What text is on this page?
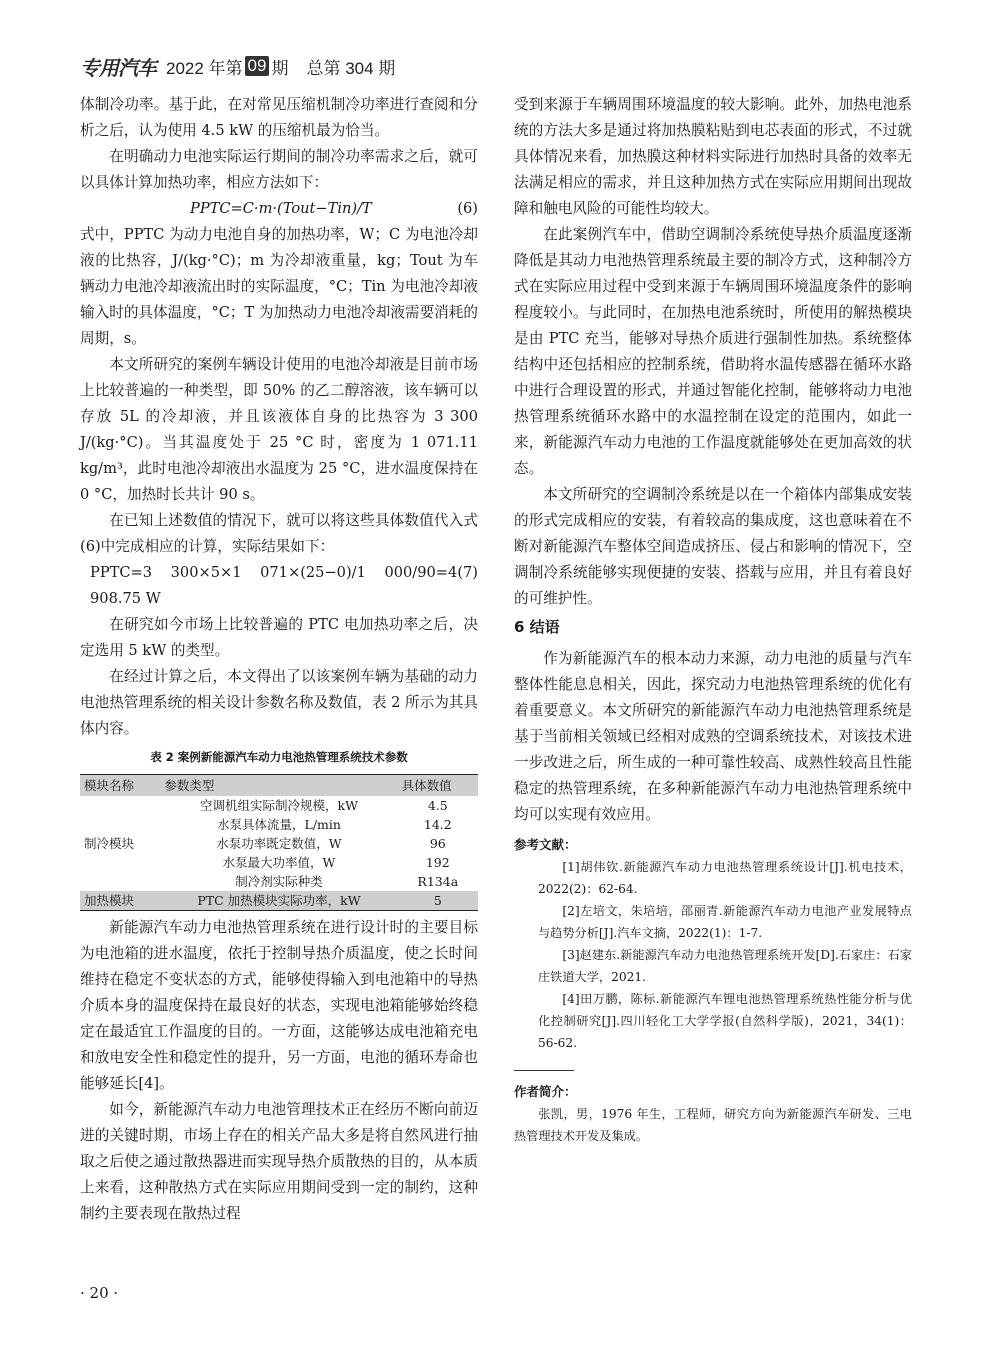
专用汽车 2022 年第 09 期 总第 304 期

体制冷功率。基于此，在对常见压缩机制冷功率进行查阅和分析之后，认为使用 4.5 kW 的压缩机最为恰当。

在明确动力电池实际运行期间的制冷功率需求之后，就可以具体计算加热功率，相应方法如下：

PPTC=C·m·(Tout−Tin)/T	(6)

式中，PPTC 为动力电池自身的加热功率，W；C 为电池冷却液的比热容，J/(kg·°C)；m 为冷却液重量，kg；Tout 为车辆动力电池冷却液流出时的实际温度，°C；Tin 为电池冷却液输入时的具体温度，°C；T 为加热动力电池冷却液需要消耗的周期，s。

本文所研究的案例车辆设计使用的电池冷却液是目前市场上比较普遍的一种类型，即 50% 的乙二醇溶液，该车辆可以存放 5L 的冷却液，并且该液体自身的比热容为 3 300 J/(kg·°C)。当其温度处于 25 °C 时，密度为 1 071.11 kg/m³，此时电池冷却液出水温度为 25 °C，进水温度保持在 0 °C，加热时长共计 90 s。

在已知上述数值的情况下，就可以将这些具体数值代入式(6)中完成相应的计算，实际结果如下：

PPTC=3 300×5×1 071×(25−0)/1 000/90=4 908.75 W
(7)

在研究如今市场上比较普遍的 PTC 电加热功率之后，决定选用 5 kW 的类型。

在经过计算之后，本文得出了以该案例车辆为基础的动力电池热管理系统的相关设计参数名称及数值，表 2 所示为其具体内容。

表 2 案例新能源汽车动力电池热管理系统技术参数
模块名称	参数类型	具体数值
制冷模块	空调机组实际制冷规模，kW	4.5
	水泵具体流量，L/min	14.2
	水泵功率既定数值，W	96
	水泵最大功率值，W	192
	制冷剂实际种类	R134a
加热模块	PTC 加热模块实际功率，kW	5

新能源汽车动力电池热管理系统在进行设计时的主要目标为电池箱的进水温度，依托于控制导热介质温度，使之长时间维持在稳定不变状态的方式，能够使得输入到电池箱中的导热介质本身的温度保持在最良好的状态，实现电池箱能够始终稳定在最适宜工作温度的目的。一方面，这能够达成电池箱充电和放电安全性和稳定性的提升，另一方面，电池的循环寿命也能够延长[4]。

如今，新能源汽车动力电池管理技术正在经历不断向前迈进的关键时期，市场上存在的相关产品大多是将自然风进行抽取之后使之通过散热器进而实现导热介质散热的目的，从本质上来看，这种散热方式在实际应用期间受到一定的制约，这种制约主要表现在散热过程

受到来源于车辆周围环境温度的较大影响。此外，加热电池系统的方法大多是通过将加热膜粘贴到电芯表面的形式，不过就具体情况来看，加热膜这种材料实际进行加热时具备的效率无法满足相应的需求，并且这种加热方式在实际应用期间出现故障和触电风险的可能性均较大。

在此案例汽车中，借助空调制冷系统使导热介质温度逐渐降低是其动力电池热管理系统最主要的制冷方式，这种制冷方式在实际应用过程中受到来源于车辆周围环境温度条件的影响程度较小。与此同时，在加热电池系统时，所使用的解热模块是由 PTC 充当，能够对导热介质进行强制性加热。系统整体结构中还包括相应的控制系统，借助将水温传感器在循环水路中进行合理设置的形式，并通过智能化控制，能够将动力电池热管理系统循环水路中的水温控制在设定的范围内，如此一来，新能源汽车动力电池的工作温度就能够处在更加高效的状态。

本文所研究的空调制冷系统是以在一个箱体内部集成安装的形式完成相应的安装，有着较高的集成度，这也意味着在不断对新能源汽车整体空间造成挤压、侵占和影响的情况下，空调制冷系统能够实现便捷的安装、搭载与应用，并且有着良好的可维护性。

6 结语

作为新能源汽车的根本动力来源，动力电池的质量与汽车整体性能息息相关，因此，探究动力电池热管理系统的优化有着重要意义。本文所研究的新能源汽车动力电池热管理系统是基于当前相关领域已经相对成熟的空调系统技术，对该技术进一步改进之后，所生成的一种可靠性较高、成熟性较高且性能稳定的热管理系统，在多种新能源汽车动力电池热管理系统中均可以实现有效应用。

参考文献：

[1]胡伟钦.新能源汽车动力电池热管理系统设计[J].机电技术，2022(2)：62-64.

[2]左培文，朱培培，邵丽青.新能源汽车动力电池产业发展特点与趋势分析[J].汽车文摘，2022(1)：1-7.

[3]赵建东.新能源汽车动力电池热管理系统开发[D].石家庄：石家庄铁道大学，2021.

[4]田万鹏，陈标.新能源汽车锂电池热管理系统热性能分析与优化控制研究[J].四川轻化工大学学报(自然科学版)，2021，34(1)：56-62.

作者简介：

张凯，男，1976 年生，工程师，研究方向为新能源汽车研发、三电热管理技术开发及集成。

· 20 ·
